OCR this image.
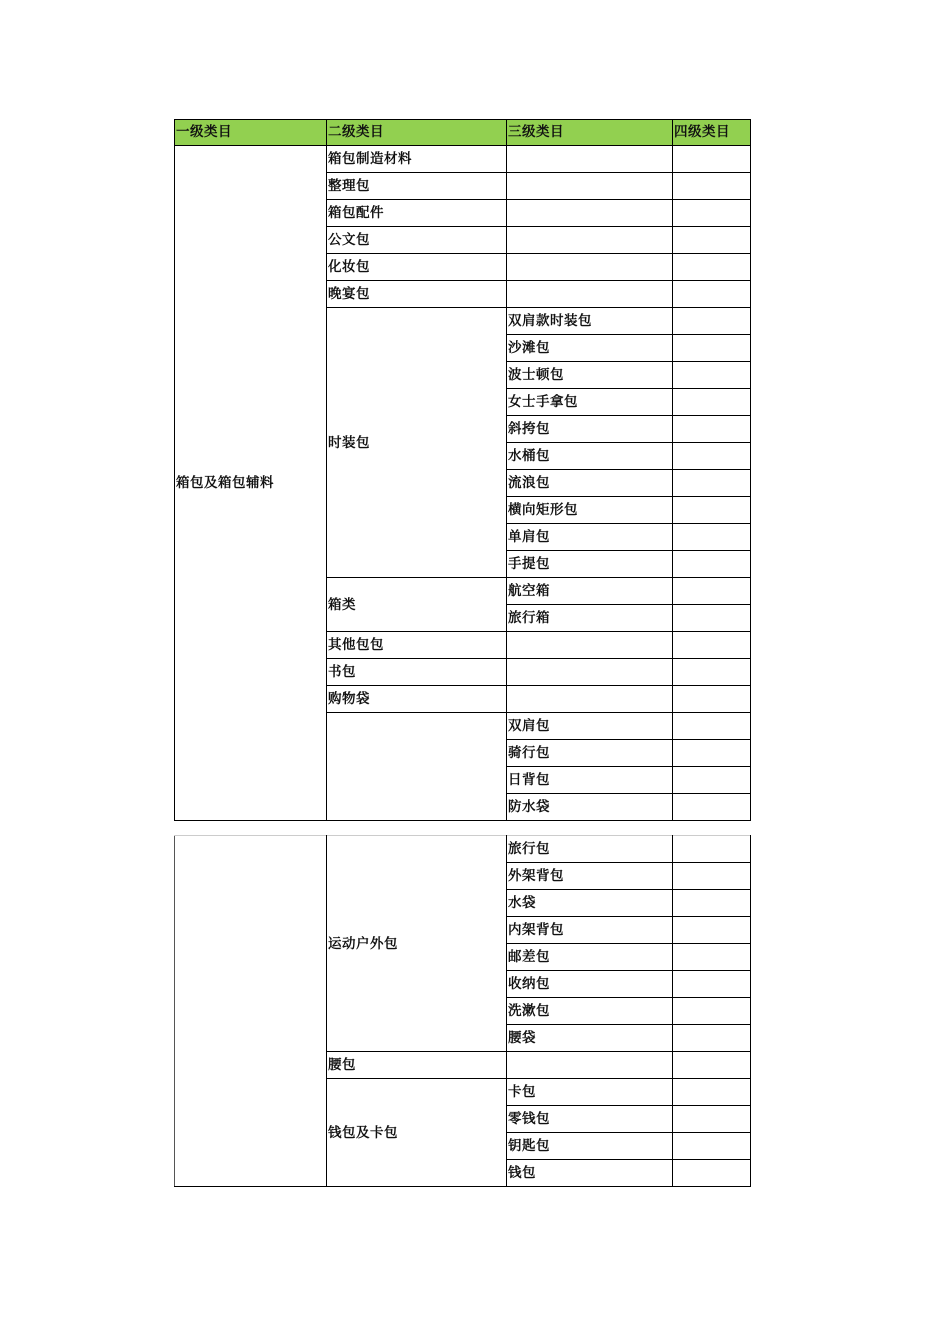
一级类目	二级类目	三级类目	四级类目
箱包及箱包辅料	箱包制造材料		
	整理包		
	箱包配件		
	公文包		
	化妆包		
	晚宴包		
	时装包	双肩款时装包	
		沙滩包	
		波士顿包	
		女士手拿包	
		斜挎包	
		水桶包	
		流浪包	
		横向矩形包	
		单肩包	
		手提包	
	箱类	航空箱	
		旅行箱	
	其他包包		
	书包		
	购物袋		
		双肩包	
		骑行包	
		日背包	
		防水袋	
	运动户外包	旅行包	
		外架背包	
		水袋	
		内架背包	
		邮差包	
		收纳包	
		洗漱包	
		腰袋	
	腰包		
	钱包及卡包	卡包	
		零钱包	
		钥匙包	
		钱包	
